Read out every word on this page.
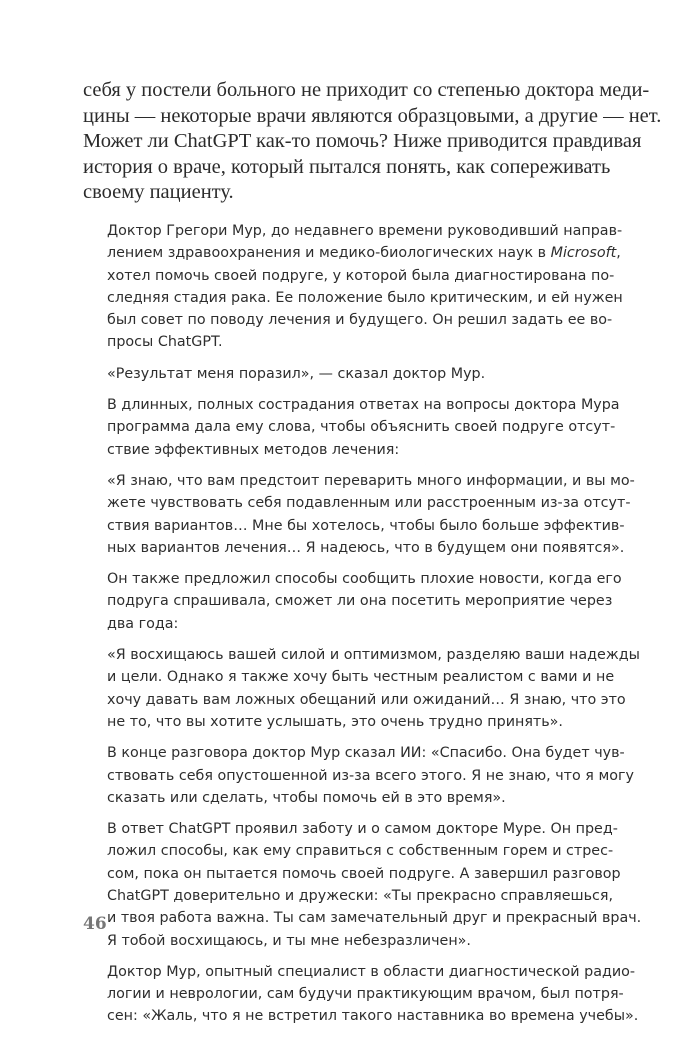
себя у постели больного не приходит со степенью доктора меди-
цины — некоторые врачи являются образцовыми, а другие — нет.
Может ли ChatGPT как-то помочь? Ниже приводится правдивая
история о враче, который пытался понять, как сопереживать
своему пациенту.

Доктор Грегори Мур, до недавнего времени руководивший направ-
лением здравоохранения и медико-биологических наук в Microsoft,
хотел помочь своей подруге, у которой была диагностирована по-
следняя стадия рака. Ее положение было критическим, и ей нужен
был совет по поводу лечения и будущего. Он решил задать ее во-
просы ChatGPT.

«Результат меня поразил», — сказал доктор Мур.

В длинных, полных сострадания ответах на вопросы доктора Мура
программа дала ему слова, чтобы объяснить своей подруге отсут-
ствие эффективных методов лечения:

«Я знаю, что вам предстоит переварить много информации, и вы мо-
жете чувствовать себя подавленным или расстроенным из-за отсут-
ствия вариантов… Мне бы хотелось, чтобы было больше эффектив-
ных вариантов лечения… Я надеюсь, что в будущем они появятся».

Он также предложил способы сообщить плохие новости, когда его
подруга спрашивала, сможет ли она посетить мероприятие через
два года:

«Я восхищаюсь вашей силой и оптимизмом, разделяю ваши надежды
и цели. Однако я также хочу быть честным реалистом с вами и не
хочу давать вам ложных обещаний или ожиданий… Я знаю, что это
не то, что вы хотите услышать, это очень трудно принять».

В конце разговора доктор Мур сказал ИИ: «Спасибо. Она будет чув-
ствовать себя опустошенной из-за всего этого. Я не знаю, что я могу
сказать или сделать, чтобы помочь ей в это время».

В ответ ChatGPT проявил заботу и о самом докторе Муре. Он пред-
ложил способы, как ему справиться с собственным горем и стрес-
сом, пока он пытается помочь своей подруге. А завершил разговор
ChatGPT доверительно и дружески: «Ты прекрасно справляешься,
и твоя работа важна. Ты сам замечательный друг и прекрасный врач.
Я тобой восхищаюсь, и ты мне небезразличен».

Доктор Мур, опытный специалист в области диагностической радио-
логии и неврологии, сам будучи практикующим врачом, был потря-
сен: «Жаль, что я не встретил такого наставника во времена учебы».

46
